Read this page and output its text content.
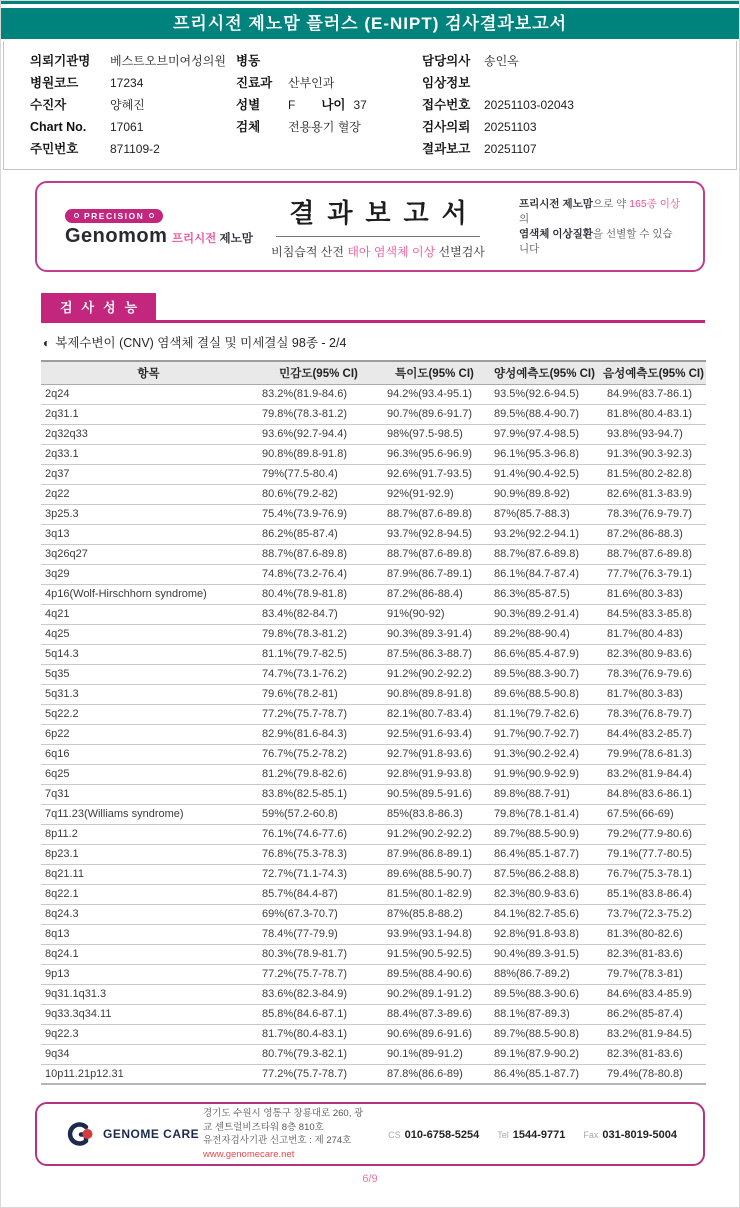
프리시전 제노맘 플러스 (E-NIPT) 검사결과보고서
의뢰기관명 베스트오브미여성의원
병원코드	17234
수진자	양혜진
Chart No. 17061
주민번호	871109-2
병동
진료과 산부인과
성별 F 나이 37
검체 전용용기 혈장
담당의사 송인옥
임상정보
접수번호 20251103-02043
검사의뢰 20251103
결과보고 20251107
PRECISION
Genomom 프리시전 제노맘
결과보고서
비침습적 산전 태아 염색체 이상 선별검사
프리시전 제노맘으로 약 165종 이상의
염색체 이상질환을 선별할 수 있습니다
검사성능
◐ 복제수변이 (CNV) 염색체 결실 및 미세결실 98종 - 2/4
항목	민감도(95% CI)	특이도(95% CI)	양성예측도(95% CI)	음성예측도(95% CI)
2q24	83.2%(81.9-84.6)	94.2%(93.4-95.1)	93.5%(92.6-94.5)	84.9%(83.7-86.1)
2q31.1	79.8%(78.3-81.2)	90.7%(89.6-91.7)	89.5%(88.4-90.7)	81.8%(80.4-83.1)
2q32q33	93.6%(92.7-94.4)	98%(97.5-98.5)	97.9%(97.4-98.5)	93.8%(93-94.7)
2q33.1	90.8%(89.8-91.8)	96.3%(95.6-96.9)	96.1%(95.3-96.8)	91.3%(90.3-92.3)
2q37	79%(77.5-80.4)	92.6%(91.7-93.5)	91.4%(90.4-92.5)	81.5%(80.2-82.8)
2q22	80.6%(79.2-82)	92%(91-92.9)	90.9%(89.8-92)	82.6%(81.3-83.9)
3p25.3	75.4%(73.9-76.9)	88.7%(87.6-89.8)	87%(85.7-88.3)	78.3%(76.9-79.7)
3q13	86.2%(85-87.4)	93.7%(92.8-94.5)	93.2%(92.2-94.1)	87.2%(86-88.3)
3q26q27	88.7%(87.6-89.8)	88.7%(87.6-89.8)	88.7%(87.6-89.8)	88.7%(87.6-89.8)
3q29	74.8%(73.2-76.4)	87.9%(86.7-89.1)	86.1%(84.7-87.4)	77.7%(76.3-79.1)
4p16(Wolf-Hirschhorn syndrome)	80.4%(78.9-81.8)	87.2%(86-88.4)	86.3%(85-87.5)	81.6%(80.3-83)
4q21	83.4%(82-84.7)	91%(90-92)	90.3%(89.2-91.4)	84.5%(83.3-85.8)
4q25	79.8%(78.3-81.2)	90.3%(89.3-91.4)	89.2%(88-90.4)	81.7%(80.4-83)
5q14.3	81.1%(79.7-82.5)	87.5%(86.3-88.7)	86.6%(85.4-87.9)	82.3%(80.9-83.6)
5q35	74.7%(73.1-76.2)	91.2%(90.2-92.2)	89.5%(88.3-90.7)	78.3%(76.9-79.6)
5q31.3	79.6%(78.2-81)	90.8%(89.8-91.8)	89.6%(88.5-90.8)	81.7%(80.3-83)
5q22.2	77.2%(75.7-78.7)	82.1%(80.7-83.4)	81.1%(79.7-82.6)	78.3%(76.8-79.7)
6p22	82.9%(81.6-84.3)	92.5%(91.6-93.4)	91.7%(90.7-92.7)	84.4%(83.2-85.7)
6q16	76.7%(75.2-78.2)	92.7%(91.8-93.6)	91.3%(90.2-92.4)	79.9%(78.6-81.3)
6q25	81.2%(79.8-82.6)	92.8%(91.9-93.8)	91.9%(90.9-92.9)	83.2%(81.9-84.4)
7q31	83.8%(82.5-85.1)	90.5%(89.5-91.6)	89.8%(88.7-91)	84.8%(83.6-86.1)
7q11.23(Williams syndrome)	59%(57.2-60.8)	85%(83.8-86.3)	79.8%(78.1-81.4)	67.5%(66-69)
8p11.2	76.1%(74.6-77.6)	91.2%(90.2-92.2)	89.7%(88.5-90.9)	79.2%(77.9-80.6)
8p23.1	76.8%(75.3-78.3)	87.9%(86.8-89.1)	86.4%(85.1-87.7)	79.1%(77.7-80.5)
8q21.11	72.7%(71.1-74.3)	89.6%(88.5-90.7)	87.5%(86.2-88.8)	76.7%(75.3-78.1)
8q22.1	85.7%(84.4-87)	81.5%(80.1-82.9)	82.3%(80.9-83.6)	85.1%(83.8-86.4)
8q24.3	69%(67.3-70.7)	87%(85.8-88.2)	84.1%(82.7-85.6)	73.7%(72.3-75.2)
8q13	78.4%(77-79.9)	93.9%(93.1-94.8)	92.8%(91.8-93.8)	81.3%(80-82.6)
8q24.1	80.3%(78.9-81.7)	91.5%(90.5-92.5)	90.4%(89.3-91.5)	82.3%(81-83.6)
9p13	77.2%(75.7-78.7)	89.5%(88.4-90.6)	88%(86.7-89.2)	79.7%(78.3-81)
9q31.1q31.3	83.6%(82.3-84.9)	90.2%(89.1-91.2)	89.5%(88.3-90.6)	84.6%(83.4-85.9)
9q33.3q34.11	85.8%(84.6-87.1)	88.4%(87.3-89.6)	88.1%(87-89.3)	86.2%(85-87.4)
9q22.3	81.7%(80.4-83.1)	90.6%(89.6-91.6)	89.7%(88.5-90.8)	83.2%(81.9-84.5)
9q34	80.7%(79.3-82.1)	90.1%(89-91.2)	89.1%(87.9-90.2)	82.3%(81-83.6)
10p11.21p12.31	77.2%(75.7-78.7)	87.8%(86.6-89)	86.4%(85.1-87.7)	79.4%(78-80.8)
GENOME CARE
경기도 수원시 영통구 창룡대로 260, 광교 센트럴비즈타워 8층 810호
유전자검사기관 신고번호 : 제 274호
www.genomecare.net
CS 010-6758-5254 Tel 1544-9771 Fax 031-8019-5004
6/9
